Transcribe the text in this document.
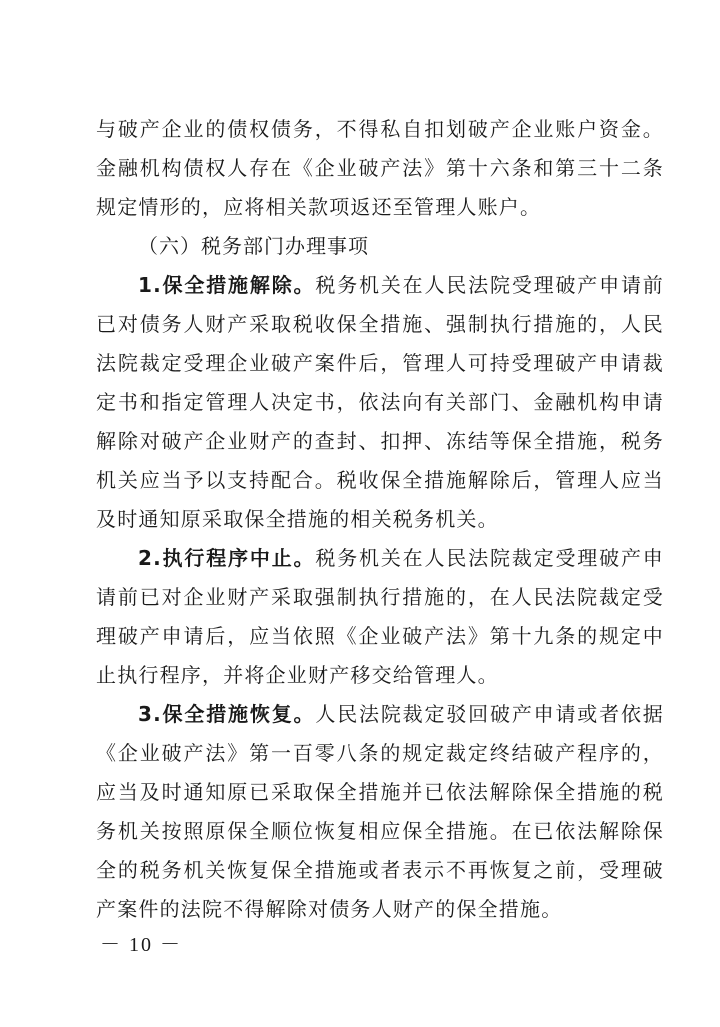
与破产企业的债权债务，不得私自扣划破产企业账户资金。金融机构债权人存在《企业破产法》第十六条和第三十二条规定情形的，应将相关款项返还至管理人账户。

（六）税务部门办理事项

1.保全措施解除。税务机关在人民法院受理破产申请前已对债务人财产采取税收保全措施、强制执行措施的，人民法院裁定受理企业破产案件后，管理人可持受理破产申请裁定书和指定管理人决定书，依法向有关部门、金融机构申请解除对破产企业财产的查封、扣押、冻结等保全措施，税务机关应当予以支持配合。税收保全措施解除后，管理人应当及时通知原采取保全措施的相关税务机关。

2.执行程序中止。税务机关在人民法院裁定受理破产申请前已对企业财产采取强制执行措施的，在人民法院裁定受理破产申请后，应当依照《企业破产法》第十九条的规定中止执行程序，并将企业财产移交给管理人。

3.保全措施恢复。人民法院裁定驳回破产申请或者依据《企业破产法》第一百零八条的规定裁定终结破产程序的，应当及时通知原已采取保全措施并已依法解除保全措施的税务机关按照原保全顺位恢复相应保全措施。在已依法解除保全的税务机关恢复保全措施或者表示不再恢复之前，受理破产案件的法院不得解除对债务人财产的保全措施。

－ 10 －
